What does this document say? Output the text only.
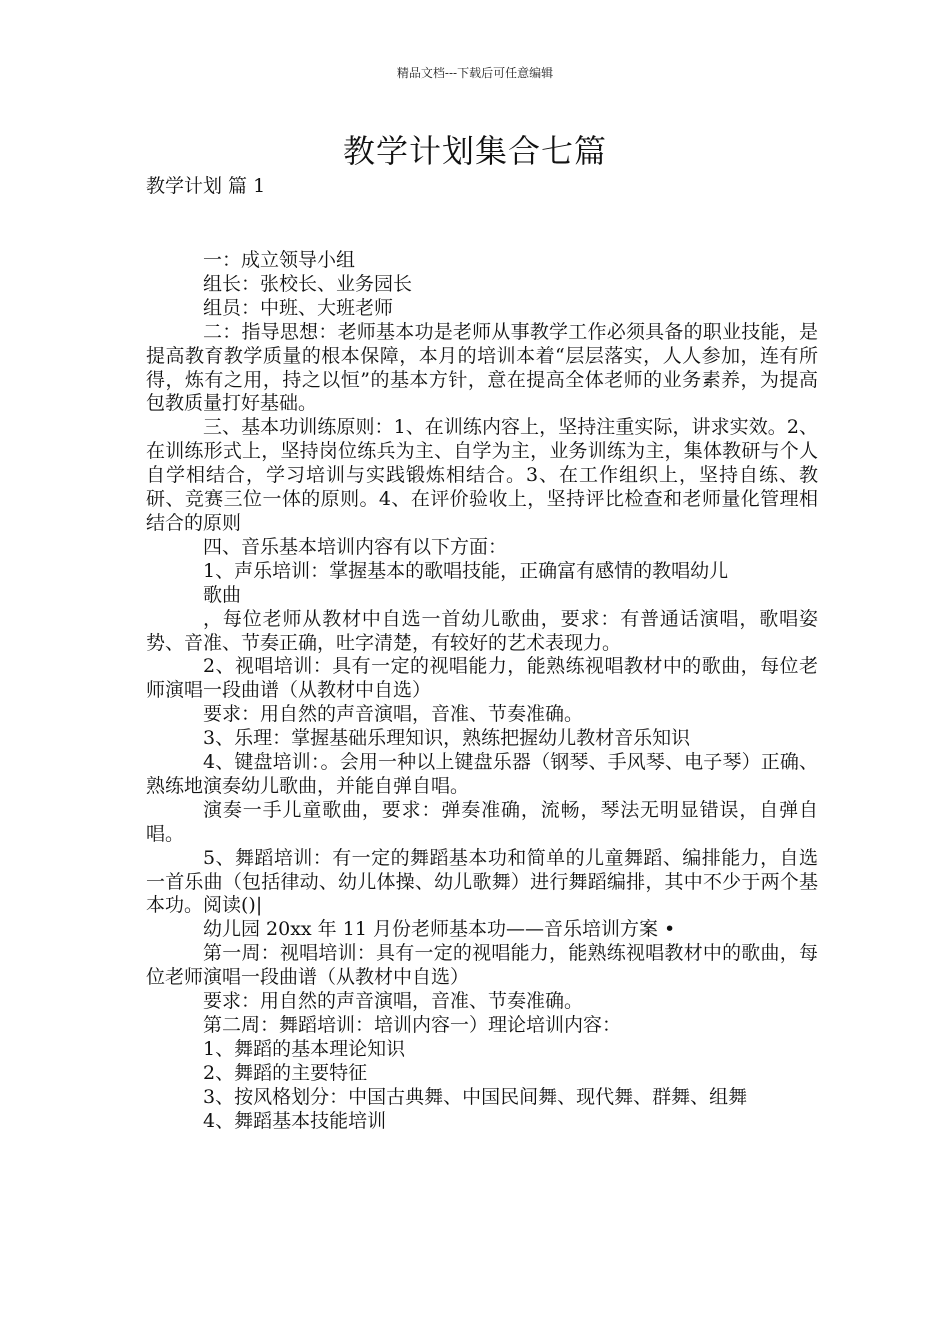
精品文档---下载后可任意编辑
教学计划集合七篇
教学计划 篇 1

一：成立领导小组

组长：张校长、业务园长

组员：中班、大班老师

二：指导思想：老师基本功是老师从事教学工作必须具备的职业技能，是提高教育教学质量的根本保障，本月的培训本着“层层落实，人人参加，连有所得，炼有之用，持之以恒”的基本方针，意在提高全体老师的业务素养，为提高包教质量打好基础。

三、基本功训练原则：1、在训练内容上，坚持注重实际，讲求实效。2、在训练形式上，坚持岗位练兵为主、自学为主，业务训练为主，集体教研与个人自学相结合，学习培训与实践锻炼相结合。3、在工作组织上，坚持自练、教研、竞赛三位一体的原则。4、在评价验收上，坚持评比检查和老师量化管理相结合的原则

四、音乐基本培训内容有以下方面：

1、声乐培训：掌握基本的歌唱技能，正确富有感情的教唱幼儿

歌曲

，每位老师从教材中自选一首幼儿歌曲，要求：有普通话演唱，歌唱姿势、音准、节奏正确，吐字清楚，有较好的艺术表现力。

2、视唱培训：具有一定的视唱能力，能熟练视唱教材中的歌曲，每位老师演唱一段曲谱（从教材中自选）

要求：用自然的声音演唱，音准、节奏准确。

3、乐理：掌握基础乐理知识，熟练把握幼儿教材音乐知识

4、键盘培训：。会用一种以上键盘乐器（钢琴、手风琴、电子琴）正确、熟练地演奏幼儿歌曲，并能自弹自唱。

演奏一手儿童歌曲，要求：弹奏准确，流畅，琴法无明显错误，自弹自唱。

5、舞蹈培训：有一定的舞蹈基本功和简单的儿童舞蹈、编排能力，自选一首乐曲（包括律动、幼儿体操、幼儿歌舞）进行舞蹈编排，其中不少于两个基本功。阅读()|

幼儿园 20xx 年 11 月份老师基本功——音乐培训方案 •

第一周：视唱培训：具有一定的视唱能力，能熟练视唱教材中的歌曲，每位老师演唱一段曲谱（从教材中自选）

要求：用自然的声音演唱，音准、节奏准确。

第二周：舞蹈培训：培训内容一）理论培训内容：

1、舞蹈的基本理论知识

2、舞蹈的主要特征

3、按风格划分：中国古典舞、中国民间舞、现代舞、群舞、组舞

4、舞蹈基本技能培训
